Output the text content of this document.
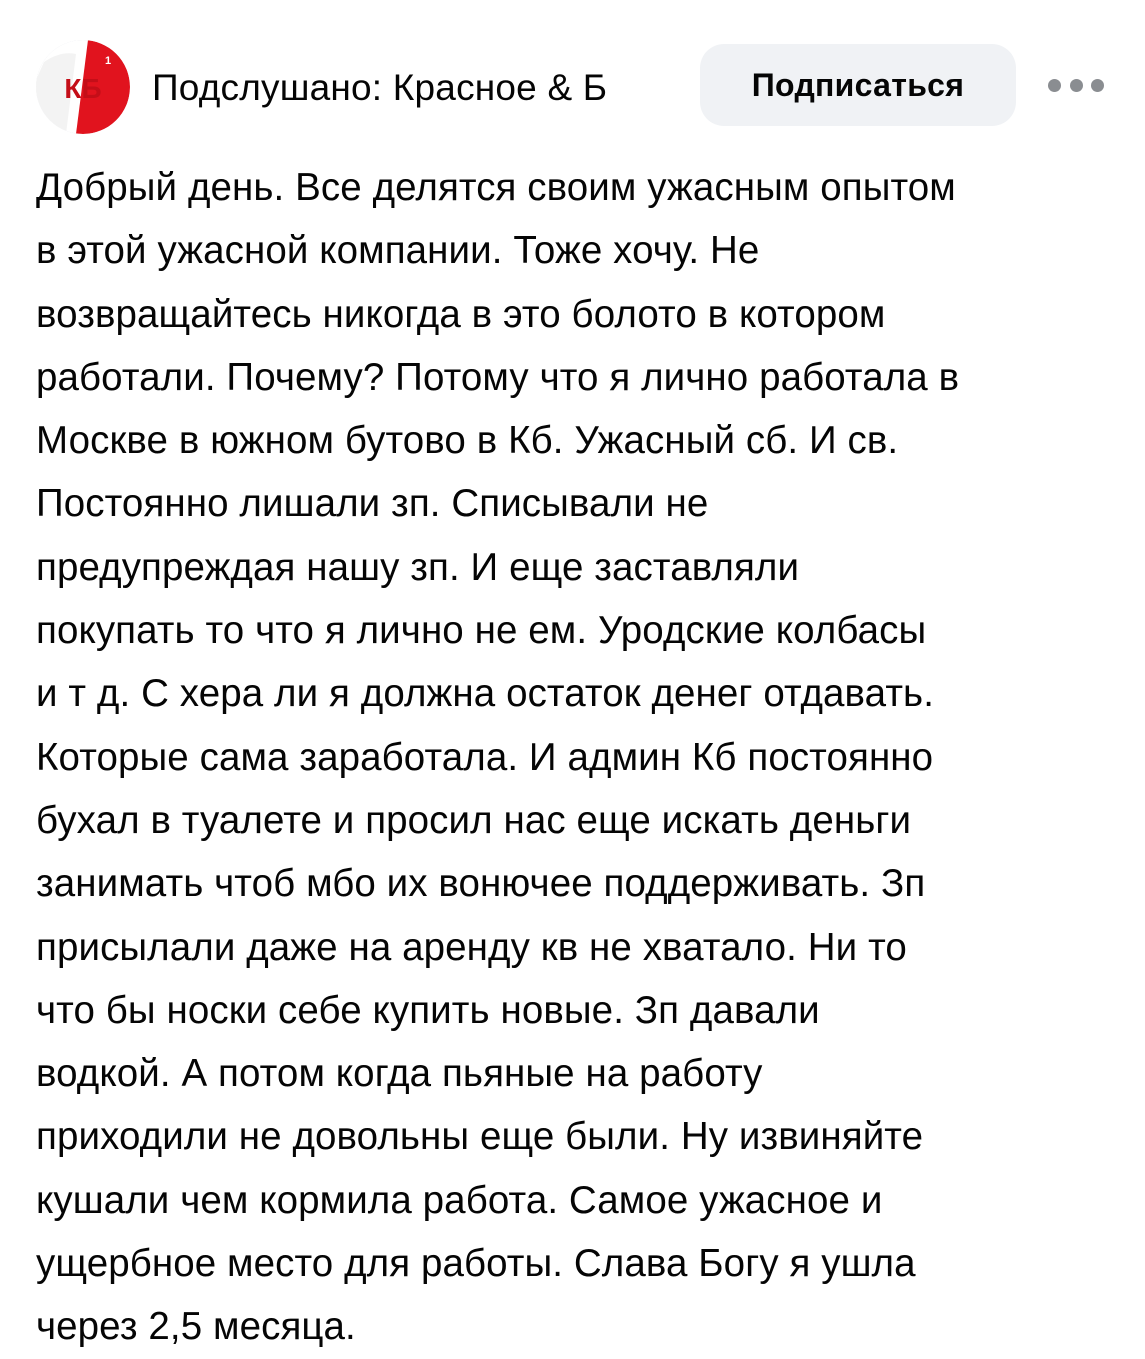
КБ
1
Подслушано: Красное & Б	Подписаться
Добрый день. Все делятся своим ужасным опытом
в этой ужасной компании. Тоже хочу. Не
возвращайтесь никогда в это болото в котором
работали. Почему? Потому что я лично работала в
Москве в южном бутово в Кб. Ужасный сб. И св.
Постоянно лишали зп. Списывали не
предупреждая нашу зп. И еще заставляли
покупать то что я лично не ем. Уродские колбасы
и т д. С хера ли я должна остаток денег отдавать.
Которые сама заработала. И админ Кб постоянно
бухал в туалете и просил нас еще искать деньги
занимать чтоб мбо их вонючее поддерживать. Зп
присылали даже на аренду кв не хватало. Ни то
что бы носки себе купить новые. Зп давали
водкой. А потом когда пьяные на работу
приходили не довольны еще были. Ну извиняйте
кушали чем кормила работа. Самое ужасное и
ущербное место для работы. Слава Богу я ушла
через 2,5 месяца.
